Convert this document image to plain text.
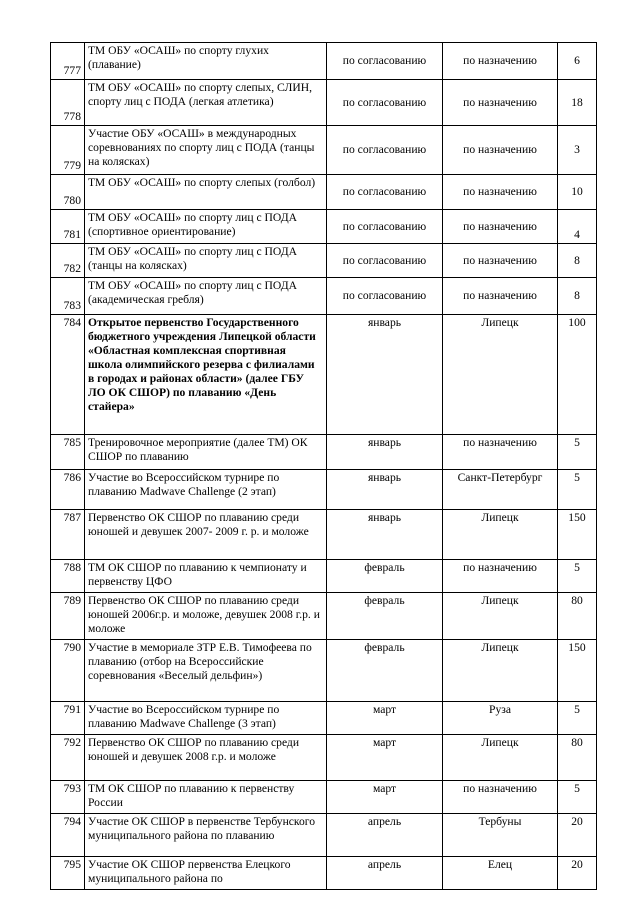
777	ТМ ОБУ «ОСАШ» по спорту глухих (плавание)	по согласованию	по назначению	6
778	ТМ ОБУ «ОСАШ» по спорту слепых, СЛИН, спорту лиц с ПОДА (легкая атлетика)	по согласованию	по назначению	18
779	Участие ОБУ «ОСАШ» в международных соревнованиях по спорту лиц с ПОДА (танцы на колясках)	по согласованию	по назначению	3
780	ТМ ОБУ «ОСАШ» по спорту слепых (голбол)	по согласованию	по назначению	10
781	ТМ ОБУ «ОСАШ» по спорту лиц с ПОДА (спортивное ориентирование)	по согласованию	по назначению	4
782	ТМ ОБУ «ОСАШ» по спорту лиц с ПОДА (танцы на колясках)	по согласованию	по назначению	8
783	ТМ ОБУ «ОСАШ» по спорту лиц с ПОДА (академическая гребля)	по согласованию	по назначению	8
784	Открытое первенство Государственного бюджетного учреждения Липецкой области «Областная комплексная спортивная школа олимпийского резерва с филиалами в городах и районах области» (далее ГБУ ЛО ОК СШОР) по плаванию «День стайера»	январь	Липецк	100
785	Тренировочное мероприятие (далее ТМ) ОК СШОР по плаванию	январь	по назначению	5
786	Участие во Всероссийском турнире по плаванию Madwave Challenge (2 этап)	январь	Санкт-Петербург	5
787	Первенство ОК СШОР по плаванию среди юношей и девушек 2007- 2009 г. р. и моложе	январь	Липецк	150
788	ТМ ОК СШОР по плаванию к чемпионату и первенству ЦФО	февраль	по назначению	5
789	Первенство ОК СШОР по плаванию среди юношей 2006г.р. и моложе, девушек 2008 г.р. и моложе	февраль	Липецк	80
790	Участие в мемориале ЗТР Е.В. Тимофеева по плаванию (отбор на Всероссийские соревнования «Веселый дельфин»)	февраль	Липецк	150
791	Участие во Всероссийском турнире по плаванию Madwave Challenge (3 этап)	март	Руза	5
792	Первенство ОК СШОР по плаванию среди юношей и девушек 2008 г.р. и моложе	март	Липецк	80
793	ТМ ОК СШОР по плаванию к первенству России	март	по назначению	5
794	Участие ОК СШОР в первенстве Тербунского муниципального района по плаванию	апрель	Тербуны	20
795	Участие ОК СШОР первенства Елецкого муниципального района по	апрель	Елец	20
